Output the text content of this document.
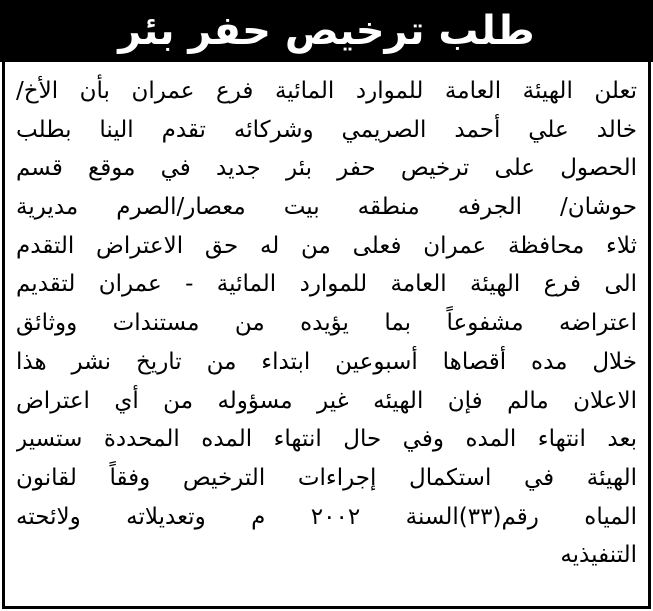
طلب ترخيص حفر بئر
تعلن الهيئة العامة للموارد المائية فرع عمران بأن الأخ/
خالد علي أحمد الصريمي وشركائه تقدم الينا بطلب
الحصول على ترخيص حفر بئر جديد في موقع قسم
حوشان/ الجرفه منطقه بيت معصار/الصرم مديرية
ثلاء محافظة عمران فعلى من له حق الاعتراض التقدم
الى فرع الهيئة العامة للموارد المائية - عمران لتقديم
اعتراضه مشفوعاً بما يؤيده من مستندات ووثائق
خلال مده أقصاها أسبوعين ابتداء من تاريخ نشر هذا
الاعلان مالم فإن الهيئه غير مسؤوله من أي اعتراض
بعد انتهاء المده وفي حال انتهاء المده المحددة ستسير
الهيئة في استكمال إجراءات الترخيص وفقاً لقانون
المياه رقم(٣٣)السنة ٢٠٠٢ م وتعديلاته ولائحته
التنفيذيه
